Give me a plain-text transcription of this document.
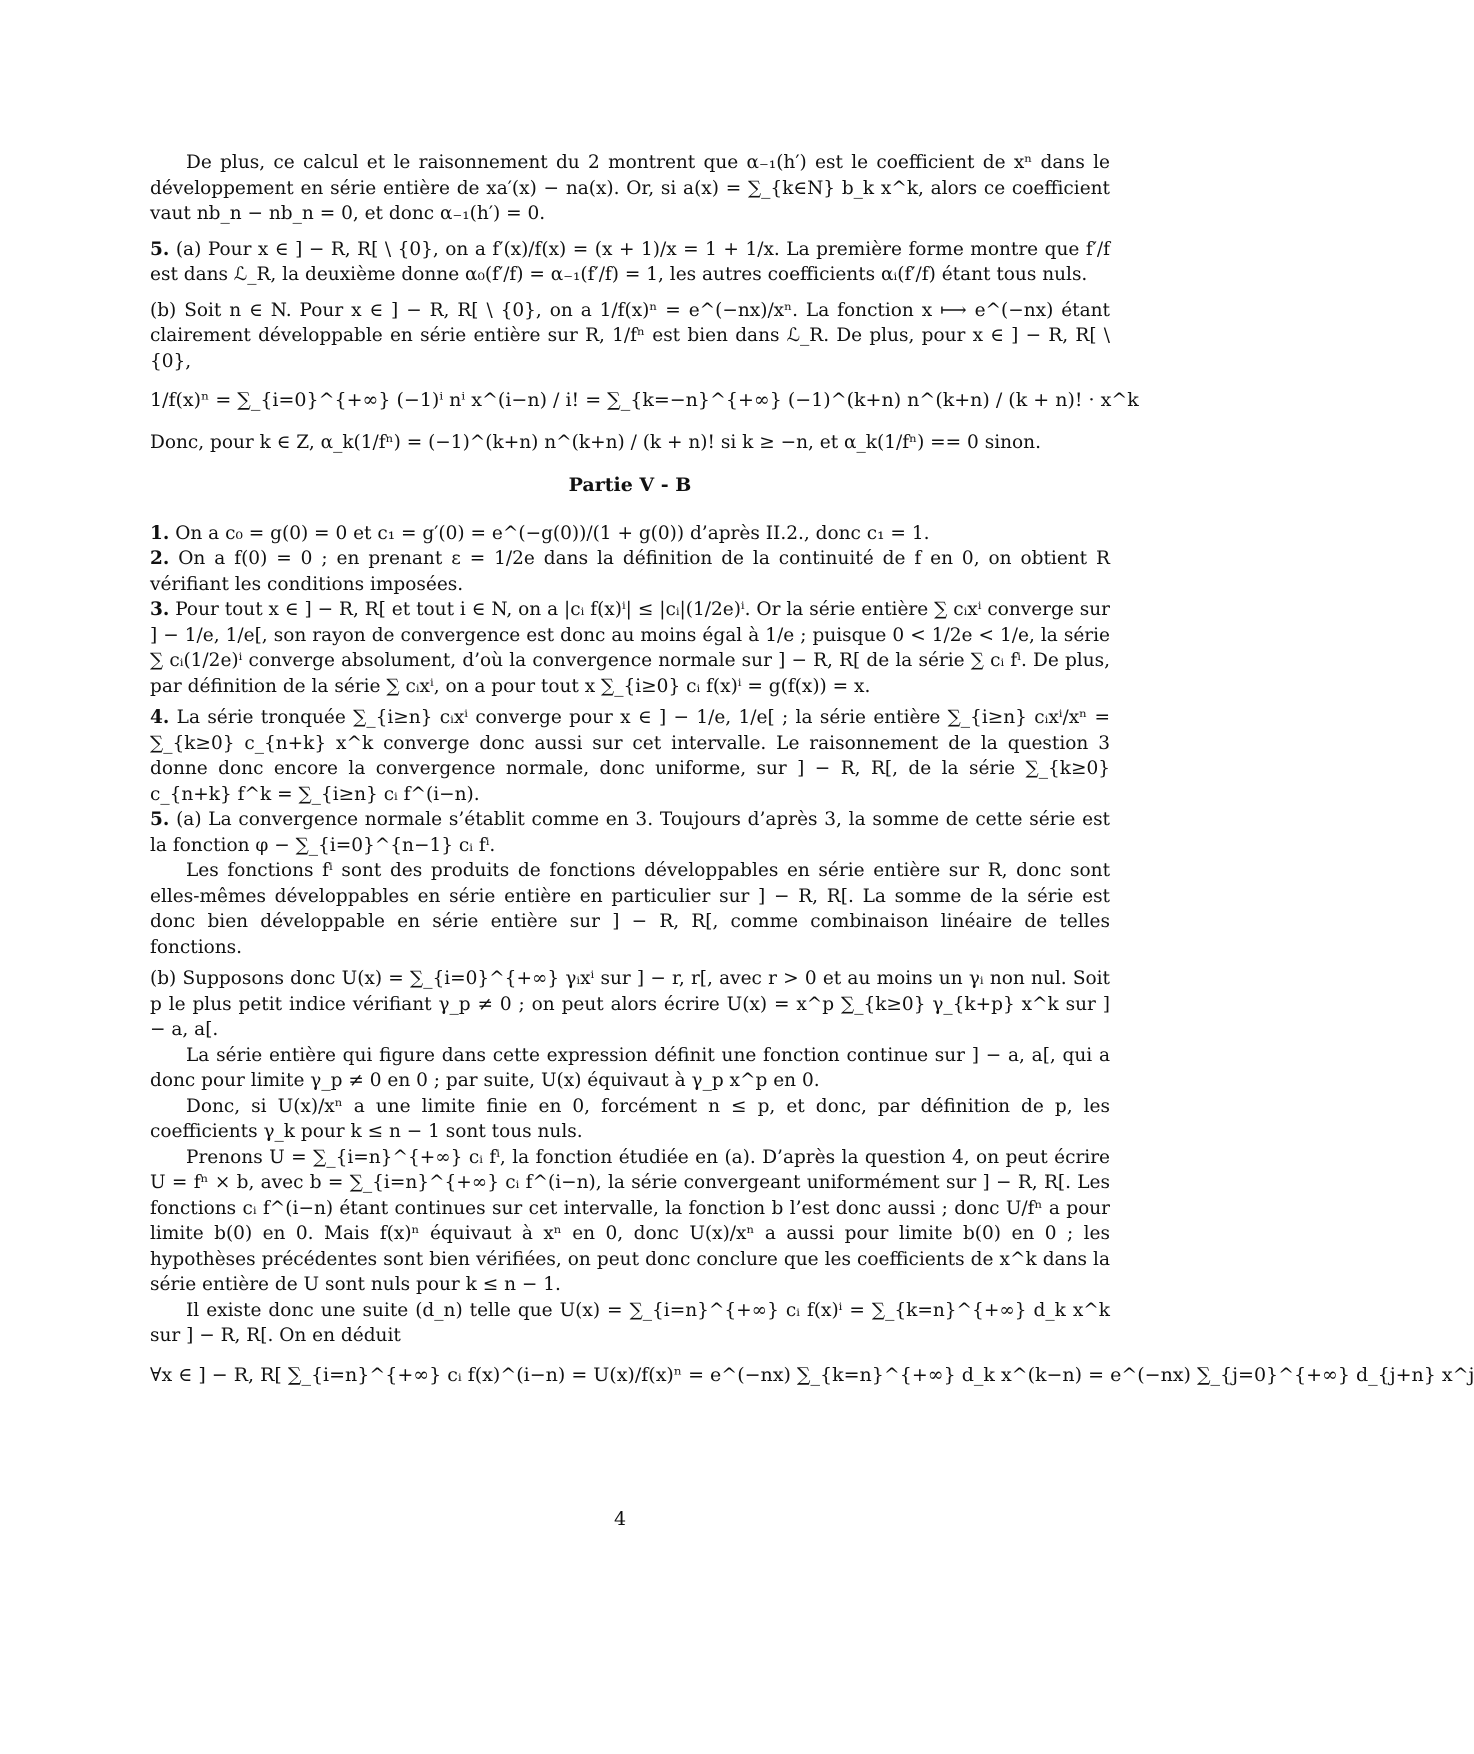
De plus, ce calcul et le raisonnement du 2 montrent que α₋₁(h′) est le coefficient de xⁿ dans le développement en série entière de xa′(x) − na(x). Or, si a(x) = ∑_{k∈N} b_k x^k, alors ce coefficient vaut nb_n − nb_n = 0, et donc α₋₁(h′) = 0.

5. (a) Pour x ∈ ] − R, R[ \ {0}, on a f′(x)/f(x) = (x + 1)/x = 1 + 1/x. La première forme montre que f′/f est dans ℒ_R, la deuxième donne α₀(f′/f) = α₋₁(f′/f) = 1, les autres coefficients αᵢ(f′/f) étant tous nuls.

(b) Soit n ∈ N. Pour x ∈ ] − R, R[ \ {0}, on a 1/f(x)ⁿ = e^(−nx)/xⁿ. La fonction x ⟼ e^(−nx) étant clairement développable en série entière sur R, 1/fⁿ est bien dans ℒ_R. De plus, pour x ∈ ] − R, R[ \ {0},

1/f(x)ⁿ = ∑_{i=0}^{+∞} (−1)ⁱ nⁱ x^(i−n) / i! = ∑_{k=−n}^{+∞} (−1)^(k+n) n^(k+n) / (k + n)! · x^k

Donc, pour k ∈ Z, α_k(1/fⁿ) = (−1)^(k+n) n^(k+n) / (k + n)! si k ≥ −n, et α_k(1/fⁿ) == 0 sinon.

Partie V - B

1. On a c₀ = g(0) = 0 et c₁ = g′(0) = e^(−g(0))/(1 + g(0)) d’après II.2., donc c₁ = 1.

2. On a f(0) = 0 ; en prenant ε = 1/2e dans la définition de la continuité de f en 0, on obtient R vérifiant les conditions imposées.

3. Pour tout x ∈ ] − R, R[ et tout i ∈ N, on a |cᵢ f(x)ⁱ| ≤ |cᵢ|(1/2e)ⁱ. Or la série entière ∑ cᵢxⁱ converge sur ] − 1/e, 1/e[, son rayon de convergence est donc au moins égal à 1/e ; puisque 0 < 1/2e < 1/e, la série ∑ cᵢ(1/2e)ⁱ converge absolument, d’où la convergence normale sur ] − R, R[ de la série ∑ cᵢ fⁱ. De plus, par définition de la série ∑ cᵢxⁱ, on a pour tout x ∑_{i≥0} cᵢ f(x)ⁱ = g(f(x)) = x.

4. La série tronquée ∑_{i≥n} cᵢxⁱ converge pour x ∈ ] − 1/e, 1/e[ ; la série entière ∑_{i≥n} cᵢxⁱ/xⁿ = ∑_{k≥0} c_{n+k} x^k converge donc aussi sur cet intervalle. Le raisonnement de la question 3 donne donc encore la convergence normale, donc uniforme, sur ] − R, R[, de la série ∑_{k≥0} c_{n+k} f^k = ∑_{i≥n} cᵢ f^(i−n).

5. (a) La convergence normale s’établit comme en 3. Toujours d’après 3, la somme de cette série est la fonction φ − ∑_{i=0}^{n−1} cᵢ fⁱ.

Les fonctions fⁱ sont des produits de fonctions développables en série entière sur R, donc sont elles-mêmes développables en série entière en particulier sur ] − R, R[. La somme de la série est donc bien développable en série entière sur ] − R, R[, comme combinaison linéaire de telles fonctions.

(b) Supposons donc U(x) = ∑_{i=0}^{+∞} γᵢxⁱ sur ] − r, r[, avec r > 0 et au moins un γᵢ non nul. Soit p le plus petit indice vérifiant γ_p ≠ 0 ; on peut alors écrire U(x) = x^p ∑_{k≥0} γ_{k+p} x^k sur ] − a, a[.

La série entière qui figure dans cette expression définit une fonction continue sur ] − a, a[, qui a donc pour limite γ_p ≠ 0 en 0 ; par suite, U(x) équivaut à γ_p x^p en 0.

Donc, si U(x)/xⁿ a une limite finie en 0, forcément n ≤ p, et donc, par définition de p, les coefficients γ_k pour k ≤ n − 1 sont tous nuls.

Prenons U = ∑_{i=n}^{+∞} cᵢ fⁱ, la fonction étudiée en (a). D’après la question 4, on peut écrire U = fⁿ × b, avec b = ∑_{i=n}^{+∞} cᵢ f^(i−n), la série convergeant uniformément sur ] − R, R[. Les fonctions cᵢ f^(i−n) étant continues sur cet intervalle, la fonction b l’est donc aussi ; donc U/fⁿ a pour limite b(0) en 0. Mais f(x)ⁿ équivaut à xⁿ en 0, donc U(x)/xⁿ a aussi pour limite b(0) en 0 ; les hypothèses précédentes sont bien vérifiées, on peut donc conclure que les coefficients de x^k dans la série entière de U sont nuls pour k ≤ n − 1.

Il existe donc une suite (d_n) telle que U(x) = ∑_{i=n}^{+∞} cᵢ f(x)ⁱ = ∑_{k=n}^{+∞} d_k x^k sur ] − R, R[. On en déduit

∀x ∈ ] − R, R[ ∑_{i=n}^{+∞} cᵢ f(x)^(i−n) = U(x)/f(x)ⁿ = e^(−nx) ∑_{k=n}^{+∞} d_k x^(k−n) = e^(−nx) ∑_{j=0}^{+∞} d_{j+n} x^j
4
